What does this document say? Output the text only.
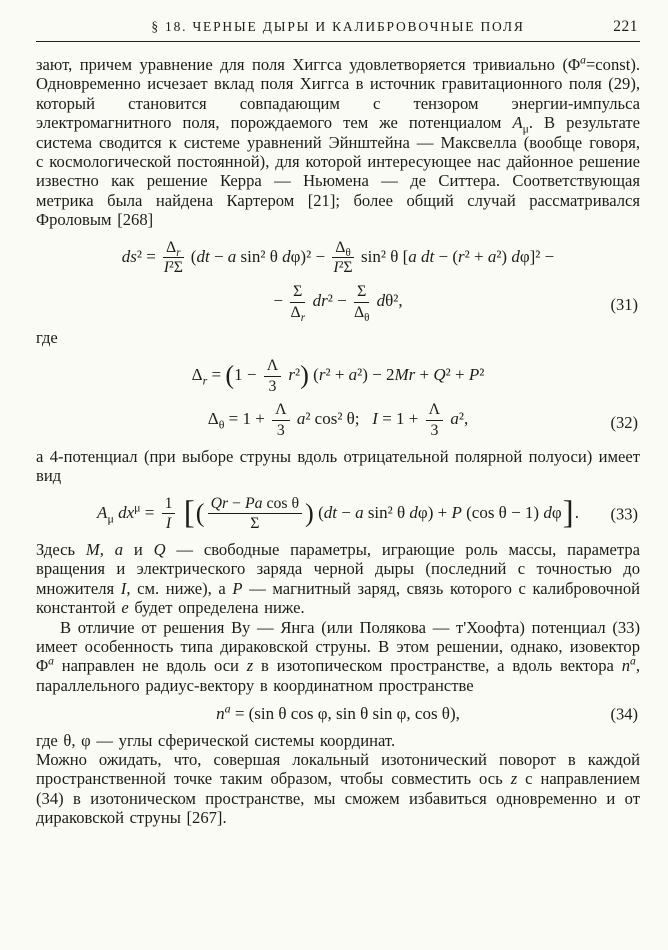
§ 18. ЧЕРНЫЕ ДЫРЫ И КАЛИБРОВОЧНЫЕ ПОЛЯ	221

зают, причем уравнение для поля Хиггса удовлетворяется тривиально $(\Phi^a=const)$. Одновременно исчезает вклад поля Хиггса в источник гравитационного поля (29), который становится совпадающим с тензором энергии-импульса электромагнитного поля, порождаемого тем же потенциалом $A_\mu$. В результате система сводится к системе уравнений Эйнштейна — Максвелла (вообще говоря, с космологической постоянной), для которой интересующее нас дайонное решение известно как решение Керра — Ньюмена — де Ситтера. Соответствующая метрика была найдена Картером [21]; более общий случай рассматривался Фроловым [268]

$ds^2 = \frac{\Delta_r}{\text{I²Σ}} (dt - a$ sin² θ $d\varphi)^2 - \frac{\Delta_\theta}{\text{I²Σ}} \sin^2$ θ [a dt − (r² + a²) dφ]² −
− $\frac{\Sigma}{\Delta_r} dr^2 - \frac{\Sigma}{\Delta_\theta} d\theta^2$,	(31)

где

$\Delta_r = (1 - \frac{\Lambda}{3} r^2) (r^2 + a^2) - 2Mr + Q^2 + P^2$
$\Delta_\theta = 1 + \frac{\Lambda}{3} a^2$ cos² θ;   $I = 1 + \frac{\Lambda}{3} a^2$,	(32)

а 4-потенциал (при выборе струны вдоль отрицательной полярной полуоси) имеет вид

$A_\mu$ $dx^\mu = \frac{1}{I}$ [( $\frac{\text{Qr − Pa cos θ}}{\Sigma}$ ) (dt − a sin² θ dφ) + P (cos θ − 1) dφ].	(33)

Здесь M, a и Q — свободные параметры, играющие роль массы, параметра вращения и электрического заряда черной дыры (последний с точностью до множителя I, см. ниже), а P — магнитный заряд, связь которого с калибровочной константой e будет определена ниже.

В отличие от решения Ву — Янга (или Полякова — т'Хоофта) потенциал (33) имеет особенность типа дираковской струны. В этом решении, однако, изовектор $\Phi^a$ направлен не вдоль оси z в изотопическом пространстве, а вдоль вектора $n^a$, параллельного радиус-вектору в координатном пространстве

$n^a = (\sin$ θ cos φ, sin θ sin φ, cos θ),	(34)

где θ, φ — углы сферической системы координат.

Можно ожидать, что, совершая локальный изотонический поворот в каждой пространственной точке таким образом, чтобы совместить ось z с направлением (34) в изотоническом пространстве, мы сможем избавиться одновременно и от дираковской струны [267].
